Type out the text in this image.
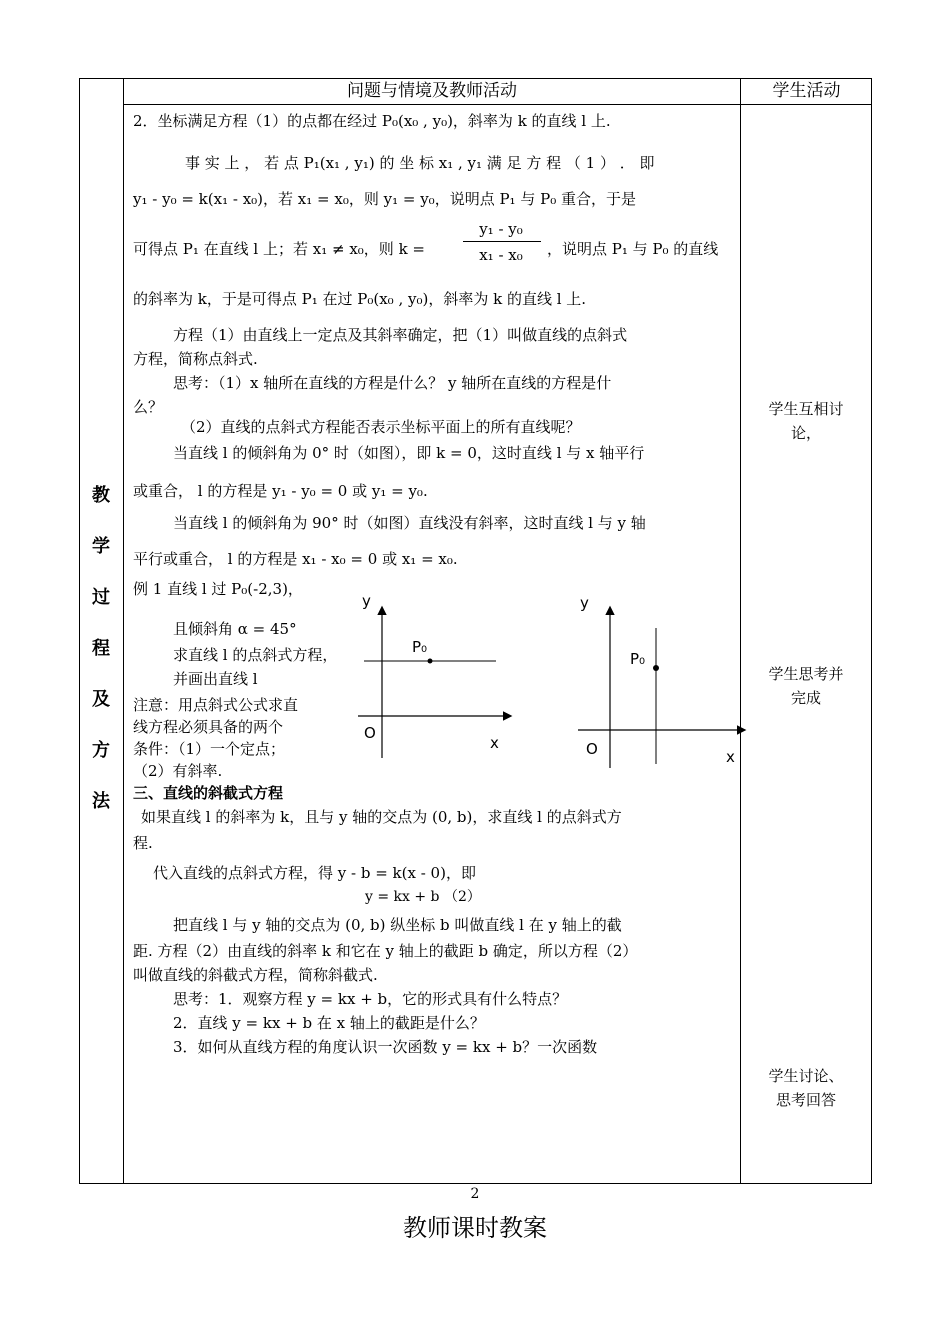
问题与情境及教师活动	学生活动
教
学
过
程
及
方
法
2．坐标满足方程（1）的点都在经过 P₀(x₀ , y₀)，斜率为 k 的直线 l 上.
事 实 上 ， 若 点 P₁(x₁ , y₁) 的 坐 标 x₁ , y₁ 满 足 方 程 （ 1 ） ． 即
y₁ - y₀ = k(x₁ - x₀)，若 x₁ = x₀，则 y₁ = y₀，说明点 P₁ 与 P₀ 重合，于是
可得点 P₁ 在直线 l 上；若 x₁ ≠ x₀，则 k =
y₁ - y₀
x₁ - x₀	，说明点 P₁ 与 P₀ 的直线
的斜率为 k，于是可得点 P₁ 在过 P₀(x₀ , y₀)，斜率为 k 的直线 l 上.
方程（1）由直线上一定点及其斜率确定，把（1）叫做直线的点斜式
方程，简称点斜式.
思考：（1）x 轴所在直线的方程是什么？ y 轴所在直线的方程是什
么？
（2）直线的点斜式方程能否表示坐标平面上的所有直线呢？
当直线 l 的倾斜角为 0° 时（如图），即 k = 0，这时直线 l 与 x 轴平行
或重合， l 的方程是 y₁ - y₀ = 0 或 y₁ = y₀.
当直线 l 的倾斜角为 90° 时（如图）直线没有斜率，这时直线 l 与 y 轴
平行或重合， l 的方程是 x₁ - x₀ = 0 或 x₁ = x₀.
例 1 直线 l 过 P₀(-2,3)，
且倾斜角 α = 45°
求直线 l 的点斜式方程，
并画出直线 l
注意：用点斜式公式求直
线方程必须具备的两个
条件：（1）一个定点；
（2）有斜率.
三、直线的斜截式方程
如果直线 l 的斜率为 k，且与 y 轴的交点为 (0, b)，求直线 l 的点斜式方
程.
代入直线的点斜式方程，得 y - b = k(x - 0)，即
y = kx + b （2）
把直线 l 与 y 轴的交点为 (0, b) 纵坐标 b 叫做直线 l 在 y 轴上的截
距. 方程（2）由直线的斜率 k 和它在 y 轴上的截距 b 确定，所以方程（2）
叫做直线的斜截式方程，简称斜截式.
思考：1．观察方程 y = kx + b，它的形式具有什么特点？
2．直线 y = kx + b 在 x 轴上的截距是什么？
3．如何从直线方程的角度认识一次函数 y = kx + b？一次函数
y
x
O
P₀
y
x
O
P₀
学生互相讨
论，
学生思考并
完成
学生讨论、
思考回答
2
教师课时教案
